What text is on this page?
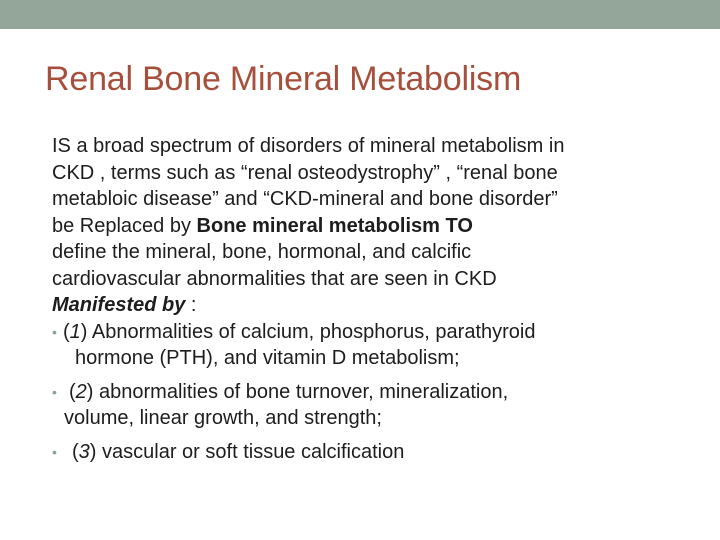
Renal Bone Mineral Metabolism
IS a broad spectrum of disorders of mineral metabolism in
CKD , terms such as “renal osteodystrophy” , “renal bone
metabloic disease” and “CKD-mineral and bone disorder”
be Replaced by Bone mineral metabolism TO
define the mineral, bone, hormonal, and calcific
cardiovascular abnormalities that are seen in CKD
Manifested by :
• (1) Abnormalities of calcium, phosphorus, parathyroid
hormone (PTH), and vitamin D metabolism;
• (2) abnormalities of bone turnover, mineralization,
volume, linear growth, and strength;
• (3) vascular or soft tissue calcification
